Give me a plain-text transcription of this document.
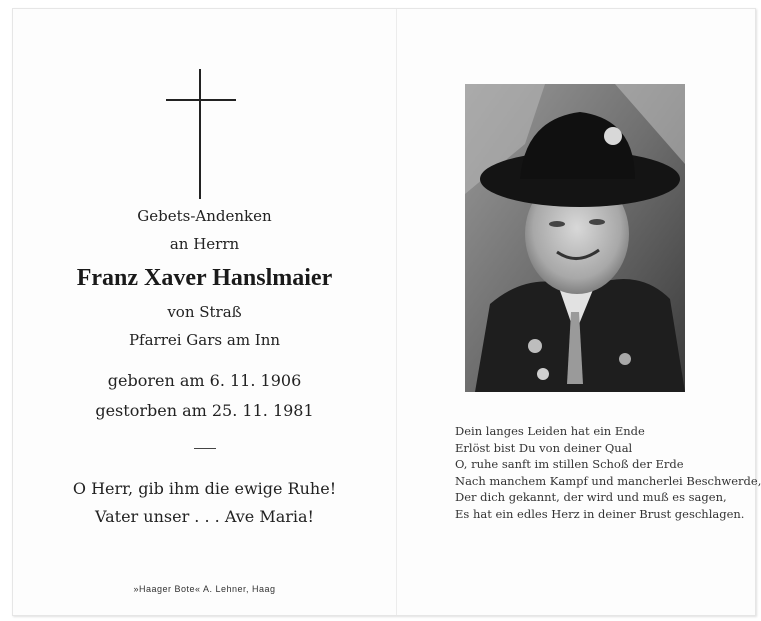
Gebets-Andenken
an Herrn
Franz Xaver Hanslmaier
von Straß
Pfarrei Gars am Inn
geboren am 6. 11. 1906
gestorben am 25. 11. 1981
O Herr, gib ihm die ewige Ruhe!
Vater unser . . . Ave Maria!
»Haager Bote« A. Lehner, Haag
Dein langes Leiden hat ein Ende
Erlöst bist Du von deiner Qual
O, ruhe sanft im stillen Schoß der Erde
Nach manchem Kampf und mancherlei Beschwerde,
Der dich gekannt, der wird und muß es sagen,
Es hat ein edles Herz in deiner Brust geschlagen.
